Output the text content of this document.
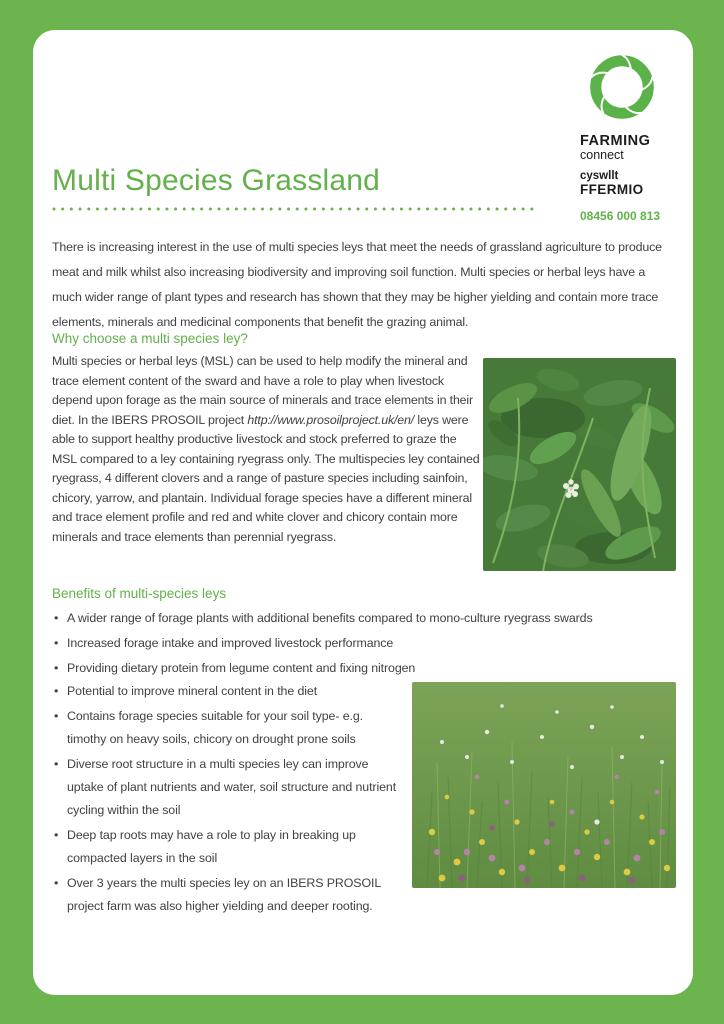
FARMING
connect
cyswllt
FFERMIO
08456 000 813
Multi Species Grassland

There is increasing interest in the use of multi species leys that meet the needs of grassland agriculture to produce meat and milk whilst also increasing biodiversity and improving soil function. Multi species or herbal leys have a much wider range of plant types and research has shown that they may be higher yielding and contain more trace elements, minerals and medicinal components that benefit the grazing animal.

Why choose a multi species ley?

Multi species or herbal leys (MSL) can be used to help modify the mineral and trace element content of the sward and have a role to play when livestock depend upon forage as the main source of minerals and trace elements in their diet. In the IBERS PROSOIL project http://www.prosoilproject.uk/en/ leys were able to support healthy productive livestock and stock preferred to graze the MSL compared to a ley containing ryegrass only. The multispecies ley contained ryegrass, 4 different clovers and a range of pasture species including sainfoin, chicory, yarrow, and plantain. Individual forage species have a different mineral and trace element profile and red and white clover and chicory contain more minerals and trace elements than perennial ryegrass.

Benefits of multi-species leys
• A wider range of forage plants with additional benefits compared to mono-culture ryegrass swards
• Increased forage intake and improved livestock performance
• Providing dietary protein from legume content and fixing nitrogen
• Potential to improve mineral content in the diet
• Contains forage species suitable for your soil type- e.g. timothy on heavy soils, chicory on drought prone soils
• Diverse root structure in a multi species ley can improve uptake of plant nutrients and water, soil structure and nutrient cycling within the soil
• Deep tap roots may have a role to play in breaking up compacted layers in the soil
• Over 3 years the multi species ley on an IBERS PROSOIL project farm was also higher yielding and deeper rooting.
